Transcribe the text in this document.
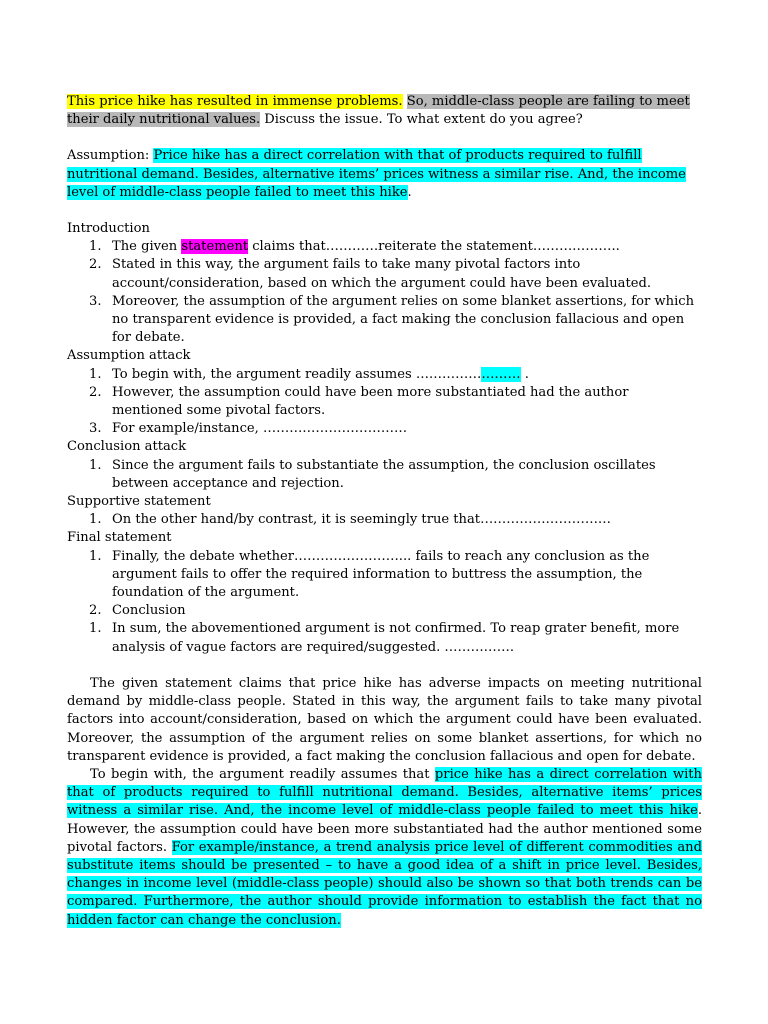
This price hike has resulted in immense problems. So, middle-class people are failing to meet their daily nutritional values. Discuss the issue. To what extent do you agree?

Assumption: Price hike has a direct correlation with that of products required to fulfill nutritional demand. Besides, alternative items’ prices witness a similar rise. And, the income level of middle-class people failed to meet this hike.

Introduction

1. The given statement claims that…………reiterate the statement………………..
2. Stated in this way, the argument fails to take many pivotal factors into account/consideration, based on which the argument could have been evaluated.
3. Moreover, the assumption of the argument relies on some blanket assertions, for which no transparent evidence is provided, a fact making the conclusion fallacious and open for debate.

Assumption attack

1. To begin with, the argument readily assumes …………………… .
2. However, the assumption could have been more substantiated had the author mentioned some pivotal factors.
3. For example/instance, ……………………………

Conclusion attack

1. Since the argument fails to substantiate the assumption, the conclusion oscillates between acceptance and rejection.

Supportive statement

1. On the other hand/by contrast, it is seemingly true that…………………………

Final statement

1. Finally, the debate whether……………………... fails to reach any conclusion as the argument fails to offer the required information to buttress the assumption, the foundation of the argument.
2. Conclusion
1. In sum, the abovementioned argument is not confirmed. To reap grater benefit, more analysis of vague factors are required/suggested. …………….

The given statement claims that price hike has adverse impacts on meeting nutritional demand by middle-class people. Stated in this way, the argument fails to take many pivotal factors into account/consideration, based on which the argument could have been evaluated. Moreover, the assumption of the argument relies on some blanket assertions, for which no transparent evidence is provided, a fact making the conclusion fallacious and open for debate.

To begin with, the argument readily assumes that price hike has a direct correlation with that of products required to fulfill nutritional demand. Besides, alternative items’ prices witness a similar rise. And, the income level of middle-class people failed to meet this hike. However, the assumption could have been more substantiated had the author mentioned some pivotal factors. For example/instance, a trend analysis price level of different commodities and substitute items should be presented – to have a good idea of a shift in price level. Besides, changes in income level (middle-class people) should also be shown so that both trends can be compared. Furthermore, the author should provide information to establish the fact that no hidden factor can change the conclusion.
